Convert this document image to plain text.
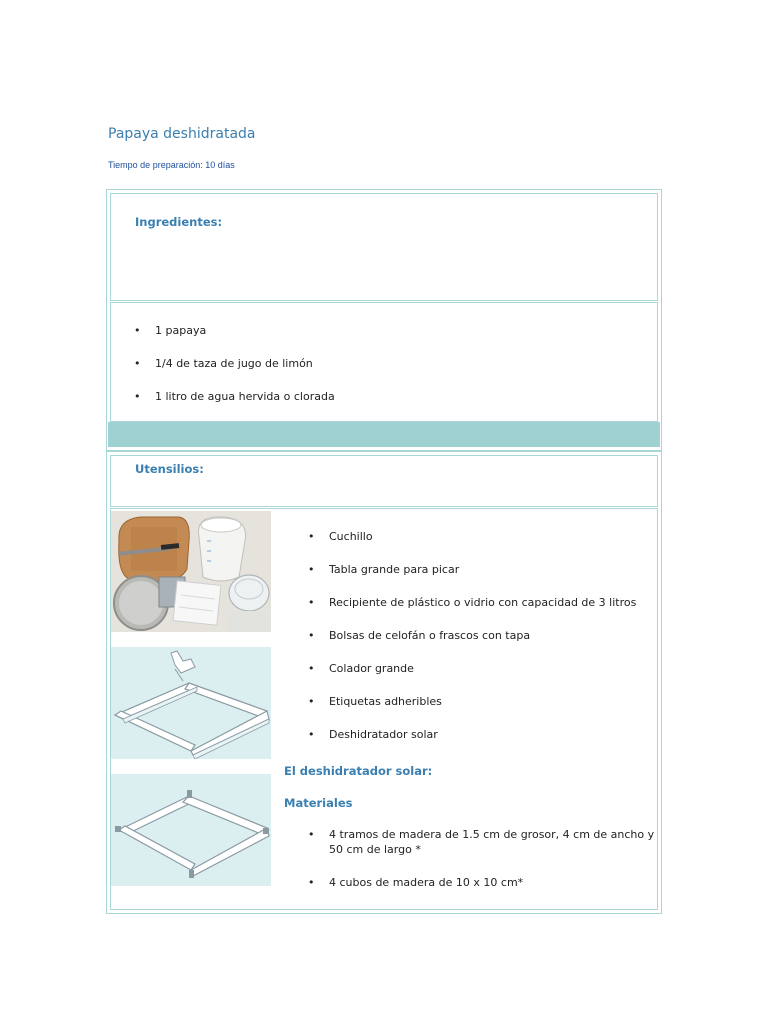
Papaya deshidratada

Tiempo de preparación: 10 días

Ingredientes:
• 1 papaya
• 1/4 de taza de jugo de limón
• 1 litro de agua hervida o clorada
Utensilios:
• Cuchillo
• Tabla grande para picar
• Recipiente de plástico o vidrio con capacidad de 3 litros
• Bolsas de celofán o frascos con tapa
• Colador grande
• Etiquetas adheribles
• Deshidratador solar
El deshidratador solar:
Materiales
• 4 tramos de madera de 1.5 cm de grosor, 4 cm de ancho y 50 cm de largo *
• 4 cubos de madera de 10 x 10 cm*
